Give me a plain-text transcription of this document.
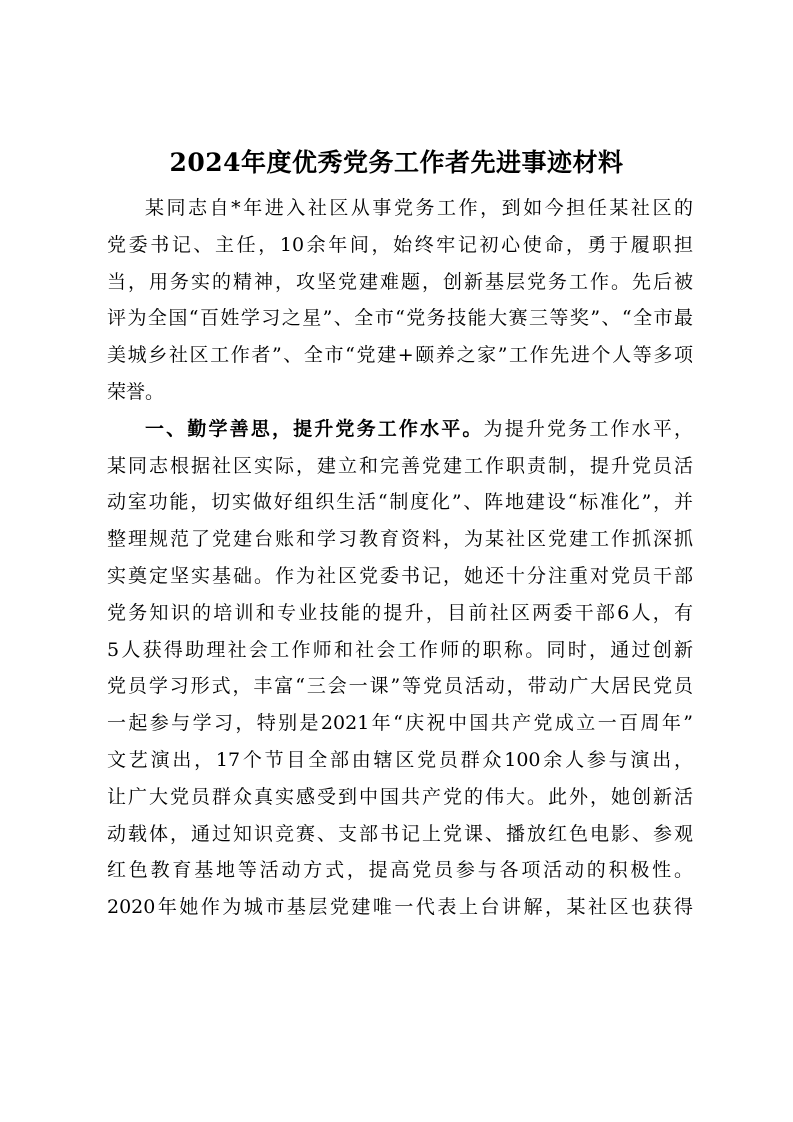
2024年度优秀党务工作者先进事迹材料
某同志自*年进入社区从事党务工作，到如今担任某社区的
党委书记、主任，10余年间，始终牢记初心使命，勇于履职担
当，用务实的精神，攻坚党建难题，创新基层党务工作。先后被
评为全国“百姓学习之星”、全市“党务技能大赛三等奖”、“全市最
美城乡社区工作者”、全市“党建+颐养之家”工作先进个人等多项
荣誉。
一、勤学善思，提升党务工作水平。为提升党务工作水平，
某同志根据社区实际，建立和完善党建工作职责制，提升党员活
动室功能，切实做好组织生活“制度化”、阵地建设“标准化”，并
整理规范了党建台账和学习教育资料，为某社区党建工作抓深抓
实奠定坚实基础。作为社区党委书记，她还十分注重对党员干部
党务知识的培训和专业技能的提升，目前社区两委干部6人，有
5人获得助理社会工作师和社会工作师的职称。同时，通过创新
党员学习形式，丰富“三会一课”等党员活动，带动广大居民党员
一起参与学习，特别是2021年“庆祝中国共产党成立一百周年”
文艺演出，17个节目全部由辖区党员群众100余人参与演出，
让广大党员群众真实感受到中国共产党的伟大。此外，她创新活
动载体，通过知识竞赛、支部书记上党课、播放红色电影、参观
红色教育基地等活动方式，提高党员参与各项活动的积极性。
2020年她作为城市基层党建唯一代表上台讲解，某社区也获得
